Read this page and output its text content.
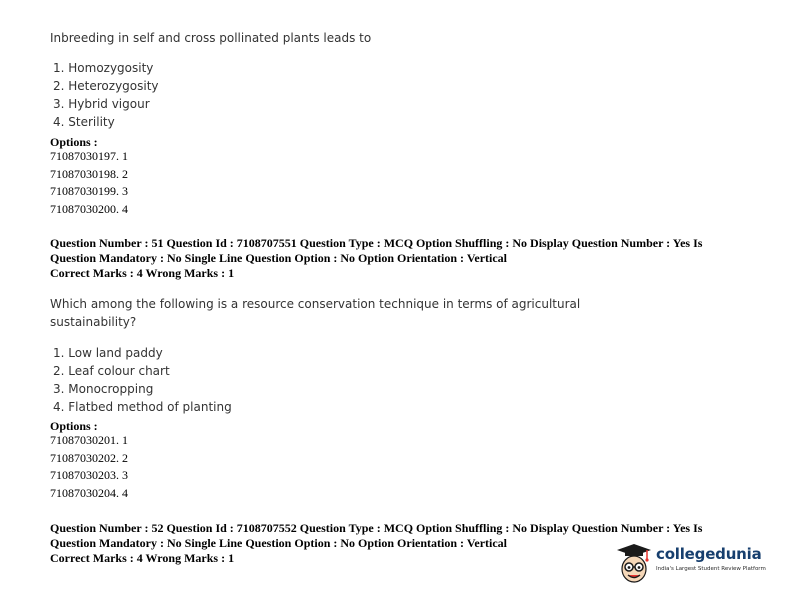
Inbreeding in self and cross pollinated plants leads to

1. Homozygosity
2. Heterozygosity
3. Hybrid vigour
4. Sterility
Options :
71087030197. 1
71087030198. 2
71087030199. 3
71087030200. 4
Question Number : 51 Question Id : 7108707551 Question Type : MCQ Option Shuffling : No Display Question Number : Yes Is
Question Mandatory : No Single Line Question Option : No Option Orientation : Vertical
Correct Marks : 4 Wrong Marks : 1
Which among the following is a resource conservation technique in terms of agricultural
sustainability?
1. Low land paddy
2. Leaf colour chart
3. Monocropping
4. Flatbed method of planting
Options :
71087030201. 1
71087030202. 2
71087030203. 3
71087030204. 4
Question Number : 52 Question Id : 7108707552 Question Type : MCQ Option Shuffling : No Display Question Number : Yes Is
Question Mandatory : No Single Line Question Option : No Option Orientation : Vertical
Correct Marks : 4 Wrong Marks : 1	collegedunia
India's Largest Student Review Platform
